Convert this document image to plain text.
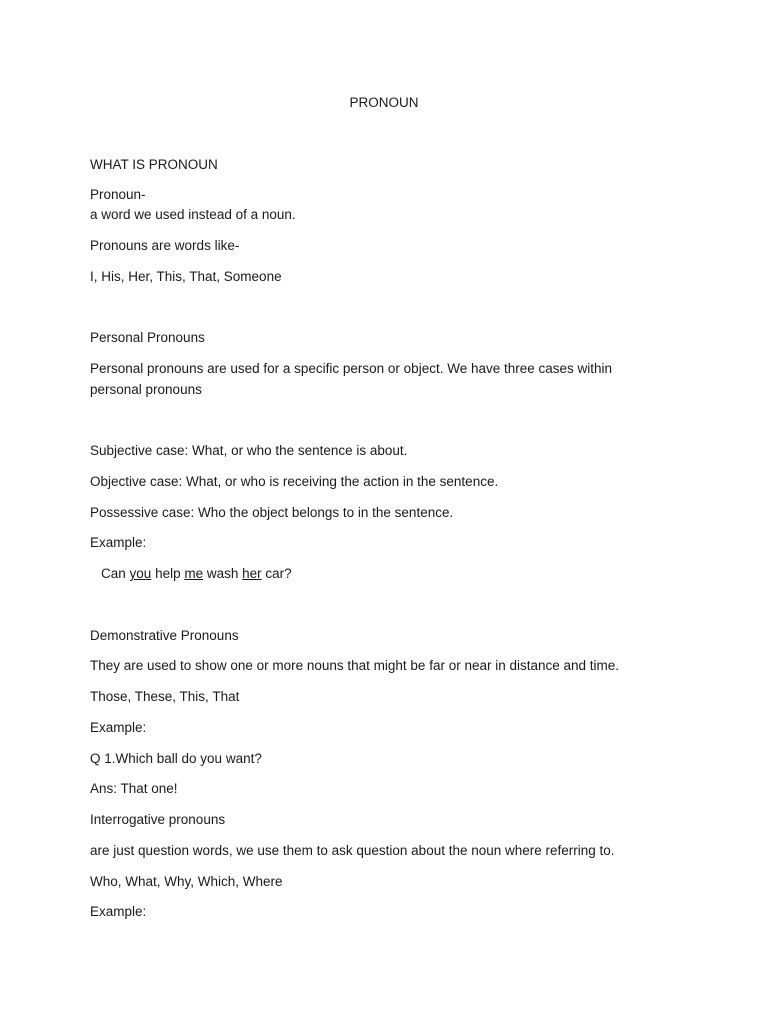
PRONOUN

WHAT IS PRONOUN

Pronoun-

a word we used instead of a noun.

Pronouns are words like-

I, His, Her, This, That, Someone

Personal Pronouns

Personal pronouns are used for a specific person or object. We have three cases within

personal pronouns

Subjective case: What, or who the sentence is about.

Objective case: What, or who is receiving the action in the sentence.

Possessive case: Who the object belongs to in the sentence.

Example:

Can you help me wash her car?

Demonstrative Pronouns

They are used to show one or more nouns that might be far or near in distance and time.

Those, These, This, That

Example:

Q 1.Which ball do you want?

Ans: That one!

Interrogative pronouns

are just question words, we use them to ask question about the noun where referring to.

Who, What, Why, Which, Where

Example:
